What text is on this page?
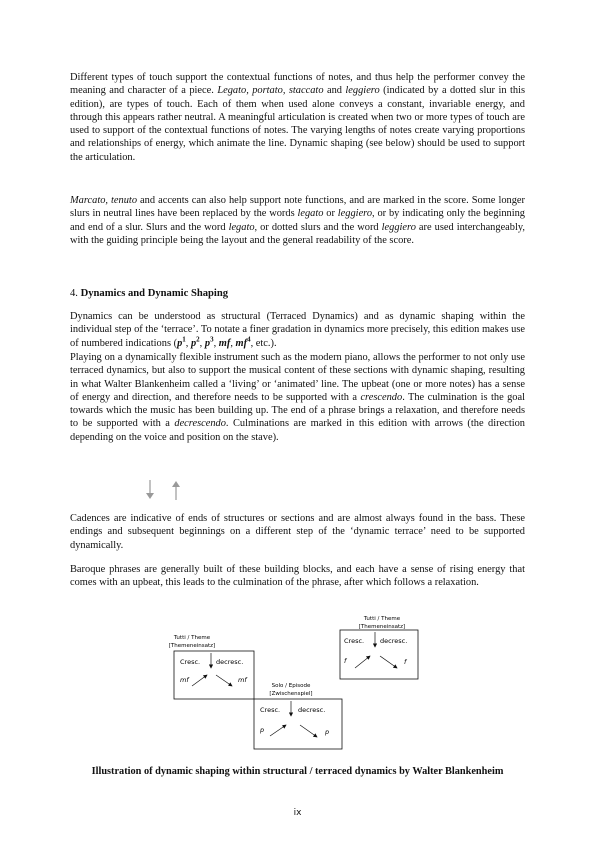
Different types of touch support the contextual functions of notes, and thus help the performer convey the meaning and character of a piece. Legato, portato, staccato and leggiero (indicated by a dotted slur in this edition), are types of touch. Each of them when used alone conveys a constant, invariable energy, and through this appears rather neutral. A meaningful articulation is created when two or more types of touch are used to support of the contextual functions of notes. The varying lengths of notes create varying proportions and relationships of energy, which animate the line. Dynamic shaping (see below) should be used to support the articulation.

Marcato, tenuto and accents can also help support note functions, and are marked in the score. Some longer slurs in neutral lines have been replaced by the words legato or leggiero, or by indicating only the beginning and end of a slur. Slurs and the word legato, or dotted slurs and the word leggiero are used interchangeably, with the guiding principle being the layout and the general readability of the score.

4. Dynamics and Dynamic Shaping

Dynamics can be understood as structural (Terraced Dynamics) and as dynamic shaping within the individual step of the ‘terrace’. To notate a finer gradation in dynamics more precisely, this edition makes use of numbered indications ($p^1$, $p^2$, $p^3$, mf, $mf^4$, etc.).

Playing on a dynamically flexible instrument such as the modern piano, allows the performer to not only use terraced dynamics, but also to support the musical content of these sections with dynamic shaping, resulting in what Walter Blankenheim called a ‘living’ or ‘animated’ line. The upbeat (one or more notes) has a sense of energy and direction, and therefore needs to be supported with a crescendo. The culmination is the goal towards which the music has been building up. The end of a phrase brings a relaxation, and therefore needs to be supported with a decrescendo. Culminations are marked in this edition with arrows (the direction depending on the voice and position on the stave).

Cadences are indicative of ends of structures or sections and are almost always found in the bass. These endings and subsequent beginnings on a different step of the ‘dynamic terrace’ need to be supported dynamically.

Baroque phrases are generally built of these building blocks, and each have a sense of rising energy that comes with an upbeat, this leads to the culmination of the phrase, after which follows a relaxation.

Tutti / Theme
[Themeneinsatz]
Cresc. decresc.
mf	mf
Solo / Episode
[Zwischenspiel]
Cresc.	decresc.
p	p
Tutti / Theme
[Themeneinsatz]
Cresc. decresc.
f	f

Illustration of dynamic shaping within structural / terraced dynamics by Walter Blankenheim

ix
